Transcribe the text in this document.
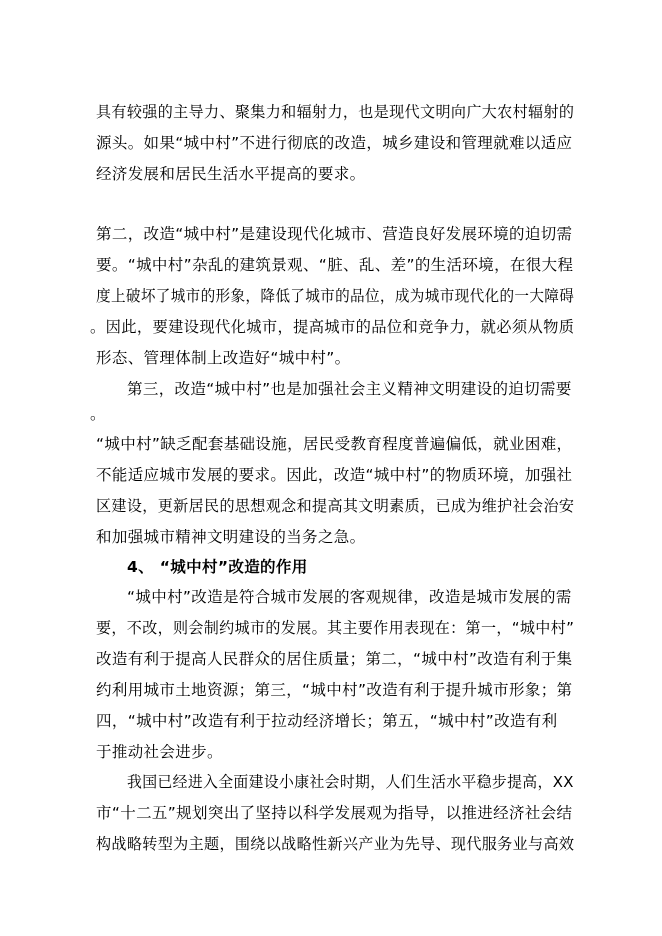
具有较强的主导力、聚集力和辐射力，也是现代文明向广大农村辐射的

源头。如果“城中村”不进行彻底的改造，城乡建设和管理就难以适应

经济发展和居民生活水平提高的要求。

第二，改造“城中村”是建设现代化城市、营造良好发展环境的迫切需

要。“城中村”杂乱的建筑景观、“脏、乱、差”的生活环境，在很大程

度上破坏了城市的形象，降低了城市的品位，成为城市现代化的一大障碍

。因此，要建设现代化城市，提高城市的品位和竞争力，就必须从物质

形态、管理体制上改造好“城中村”。

第三，改造“城中村”也是加强社会主义精神文明建设的迫切需要

。

“城中村”缺乏配套基础设施，居民受教育程度普遍偏低，就业困难，

不能适应城市发展的要求。因此，改造“城中村”的物质环境，加强社

区建设，更新居民的思想观念和提高其文明素质，已成为维护社会治安

和加强城市精神文明建设的当务之急。

4、 “城中村”改造的作用

“城中村”改造是符合城市发展的客观规律，改造是城市发展的需

要，不改，则会制约城市的发展。其主要作用表现在：第一，“城中村”

改造有利于提高人民群众的居住质量；第二，“城中村”改造有利于集

约利用城市土地资源；第三，“城中村”改造有利于提升城市形象；第

四，“城中村”改造有利于拉动经济增长；第五，“城中村”改造有利

于推动社会进步。

我国已经进入全面建设小康社会时期，人们生活水平稳步提高，XX

市“十二五”规划突出了坚持以科学发展观为指导，以推进经济社会结

构战略转型为主题，围绕以战略性新兴产业为先导、现代服务业与高效
